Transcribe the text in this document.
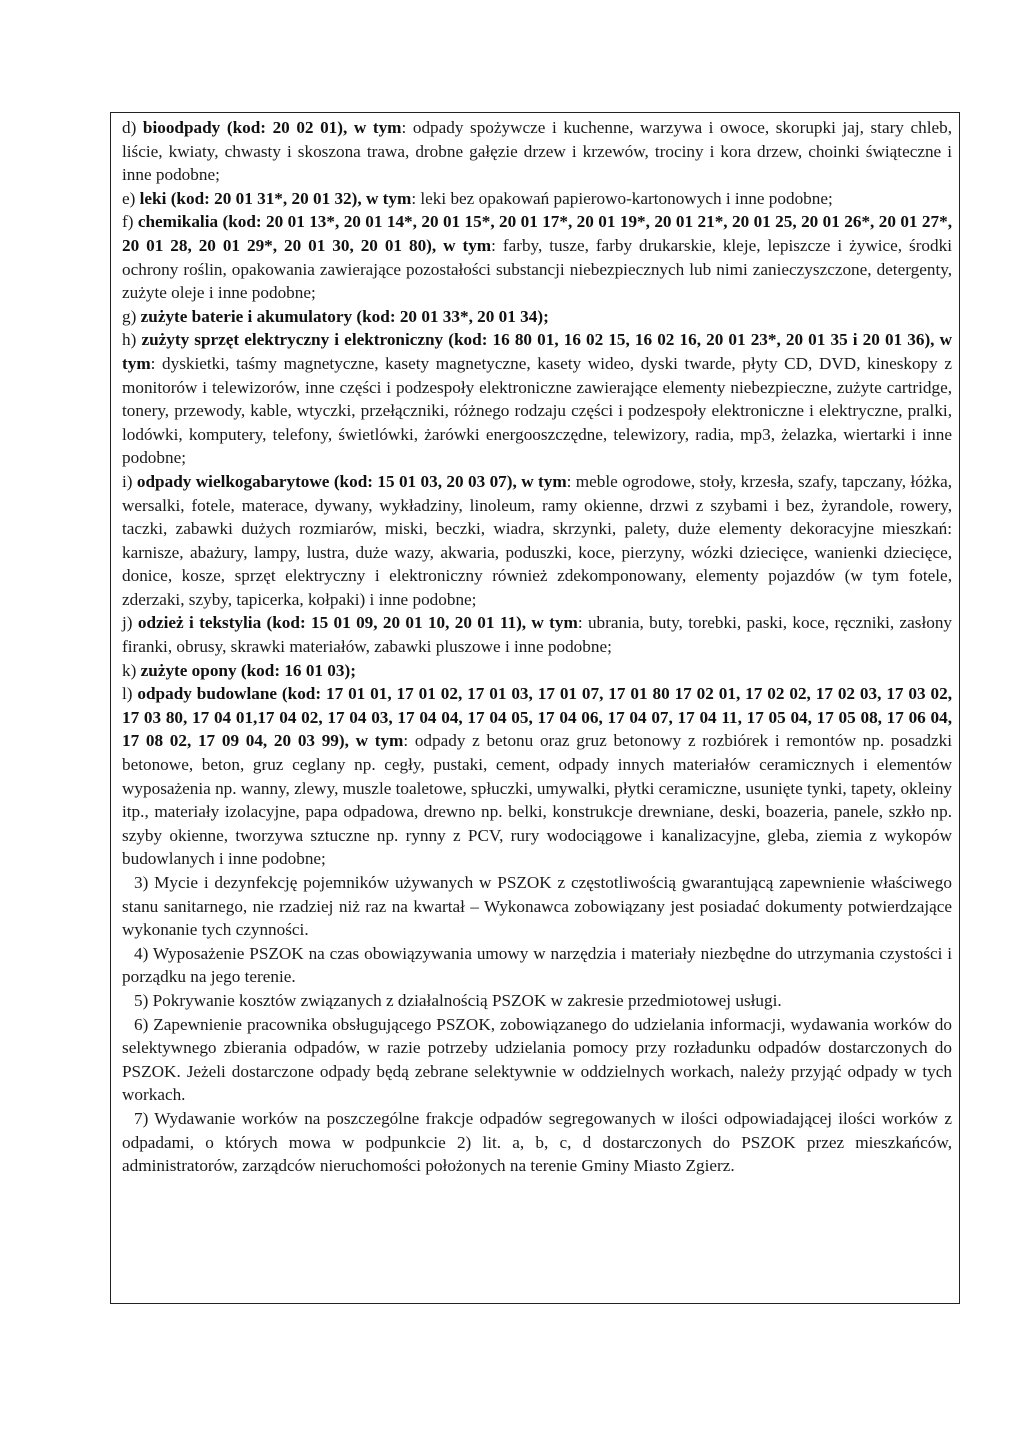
d) bioodpady (kod: 20 02 01), w tym: odpady spożywcze i kuchenne, warzywa i owoce, skorupki jaj, stary chleb, liście, kwiaty, chwasty i skoszona trawa, drobne gałęzie drzew i krzewów, trociny i kora drzew, choinki świąteczne i inne podobne;

e) leki (kod: 20 01 31*, 20 01 32), w tym: leki bez opakowań papierowo-kartonowych i inne podobne;

f) chemikalia (kod: 20 01 13*, 20 01 14*, 20 01 15*, 20 01 17*, 20 01 19*, 20 01 21*, 20 01 25, 20 01 26*, 20 01 27*, 20 01 28, 20 01 29*, 20 01 30, 20 01 80), w tym: farby, tusze, farby drukarskie, kleje, lepiszcze i żywice, środki ochrony roślin, opakowania zawierające pozostałości substancji niebezpiecznych lub nimi zanieczyszczone, detergenty, zużyte oleje i inne podobne;

g) zużyte baterie i akumulatory (kod: 20 01 33*, 20 01 34);

h) zużyty sprzęt elektryczny i elektroniczny (kod: 16 80 01, 16 02 15, 16 02 16, 20 01 23*, 20 01 35 i 20 01 36), w tym: dyskietki, taśmy magnetyczne, kasety magnetyczne, kasety wideo, dyski twarde, płyty CD, DVD, kineskopy z monitorów i telewizorów, inne części i podzespoły elektroniczne zawierające elementy niebezpieczne, zużyte cartridge, tonery, przewody, kable, wtyczki, przełączniki, różnego rodzaju części i podzespoły elektroniczne i elektryczne, pralki, lodówki, komputery, telefony, świetlówki, żarówki energooszczędne, telewizory, radia, mp3, żelazka, wiertarki i inne podobne;

i) odpady wielkogabarytowe (kod: 15 01 03, 20 03 07), w tym: meble ogrodowe, stoły, krzesła, szafy, tapczany, łóżka, wersalki, fotele, materace, dywany, wykładziny, linoleum, ramy okienne, drzwi z szybami i bez, żyrandole, rowery, taczki, zabawki dużych rozmiarów, miski, beczki, wiadra, skrzynki, palety, duże elementy dekoracyjne mieszkań: karnisze, abażury, lampy, lustra, duże wazy, akwaria, poduszki, koce, pierzyny, wózki dziecięce, wanienki dziecięce, donice, kosze, sprzęt elektryczny i elektroniczny również zdekomponowany, elementy pojazdów (w tym fotele, zderzaki, szyby, tapicerka, kołpaki) i inne podobne;

j) odzież i tekstylia (kod: 15 01 09, 20 01 10, 20 01 11), w tym: ubrania, buty, torebki, paski, koce, ręczniki, zasłony firanki, obrusy, skrawki materiałów, zabawki pluszowe i inne podobne;

k) zużyte opony (kod: 16 01 03);

l) odpady budowlane (kod: 17 01 01, 17 01 02, 17 01 03, 17 01 07, 17 01 80 17 02 01, 17 02 02, 17 02 03, 17 03 02, 17 03 80, 17 04 01,17 04 02, 17 04 03, 17 04 04, 17 04 05, 17 04 06, 17 04 07, 17 04 11, 17 05 04, 17 05 08, 17 06 04, 17 08 02, 17 09 04, 20 03 99), w tym: odpady z betonu oraz gruz betonowy z rozbiórek i remontów np. posadzki betonowe, beton, gruz ceglany np. cegły, pustaki, cement, odpady innych materiałów ceramicznych i elementów wyposażenia np. wanny, zlewy, muszle toaletowe, spłuczki, umywalki, płytki ceramiczne, usunięte tynki, tapety, okleiny itp., materiały izolacyjne, papa odpadowa, drewno np. belki, konstrukcje drewniane, deski, boazeria, panele, szkło np. szyby okienne, tworzywa sztuczne np. rynny z PCV, rury wodociągowe i kanalizacyjne, gleba, ziemia z wykopów budowlanych i inne podobne;

3) Mycie i dezynfekcję pojemników używanych w PSZOK z częstotliwością gwarantującą zapewnienie właściwego stanu sanitarnego, nie rzadziej niż raz na kwartał – Wykonawca zobowiązany jest posiadać dokumenty potwierdzające wykonanie tych czynności.

4) Wyposażenie PSZOK na czas obowiązywania umowy w narzędzia i materiały niezbędne do utrzymania czystości i porządku na jego terenie.

5) Pokrywanie kosztów związanych z działalnością PSZOK w zakresie przedmiotowej usługi.

6) Zapewnienie pracownika obsługującego PSZOK, zobowiązanego do udzielania informacji, wydawania worków do selektywnego zbierania odpadów, w razie potrzeby udzielania pomocy przy rozładunku odpadów dostarczonych do PSZOK. Jeżeli dostarczone odpady będą zebrane selektywnie w oddzielnych workach, należy przyjąć odpady w tych workach.

7) Wydawanie worków na poszczególne frakcje odpadów segregowanych w ilości odpowiadającej ilości worków z odpadami, o których mowa w podpunkcie 2) lit. a, b, c, d dostarczonych do PSZOK przez mieszkańców, administratorów, zarządców nieruchomości położonych na terenie Gminy Miasto Zgierz.
